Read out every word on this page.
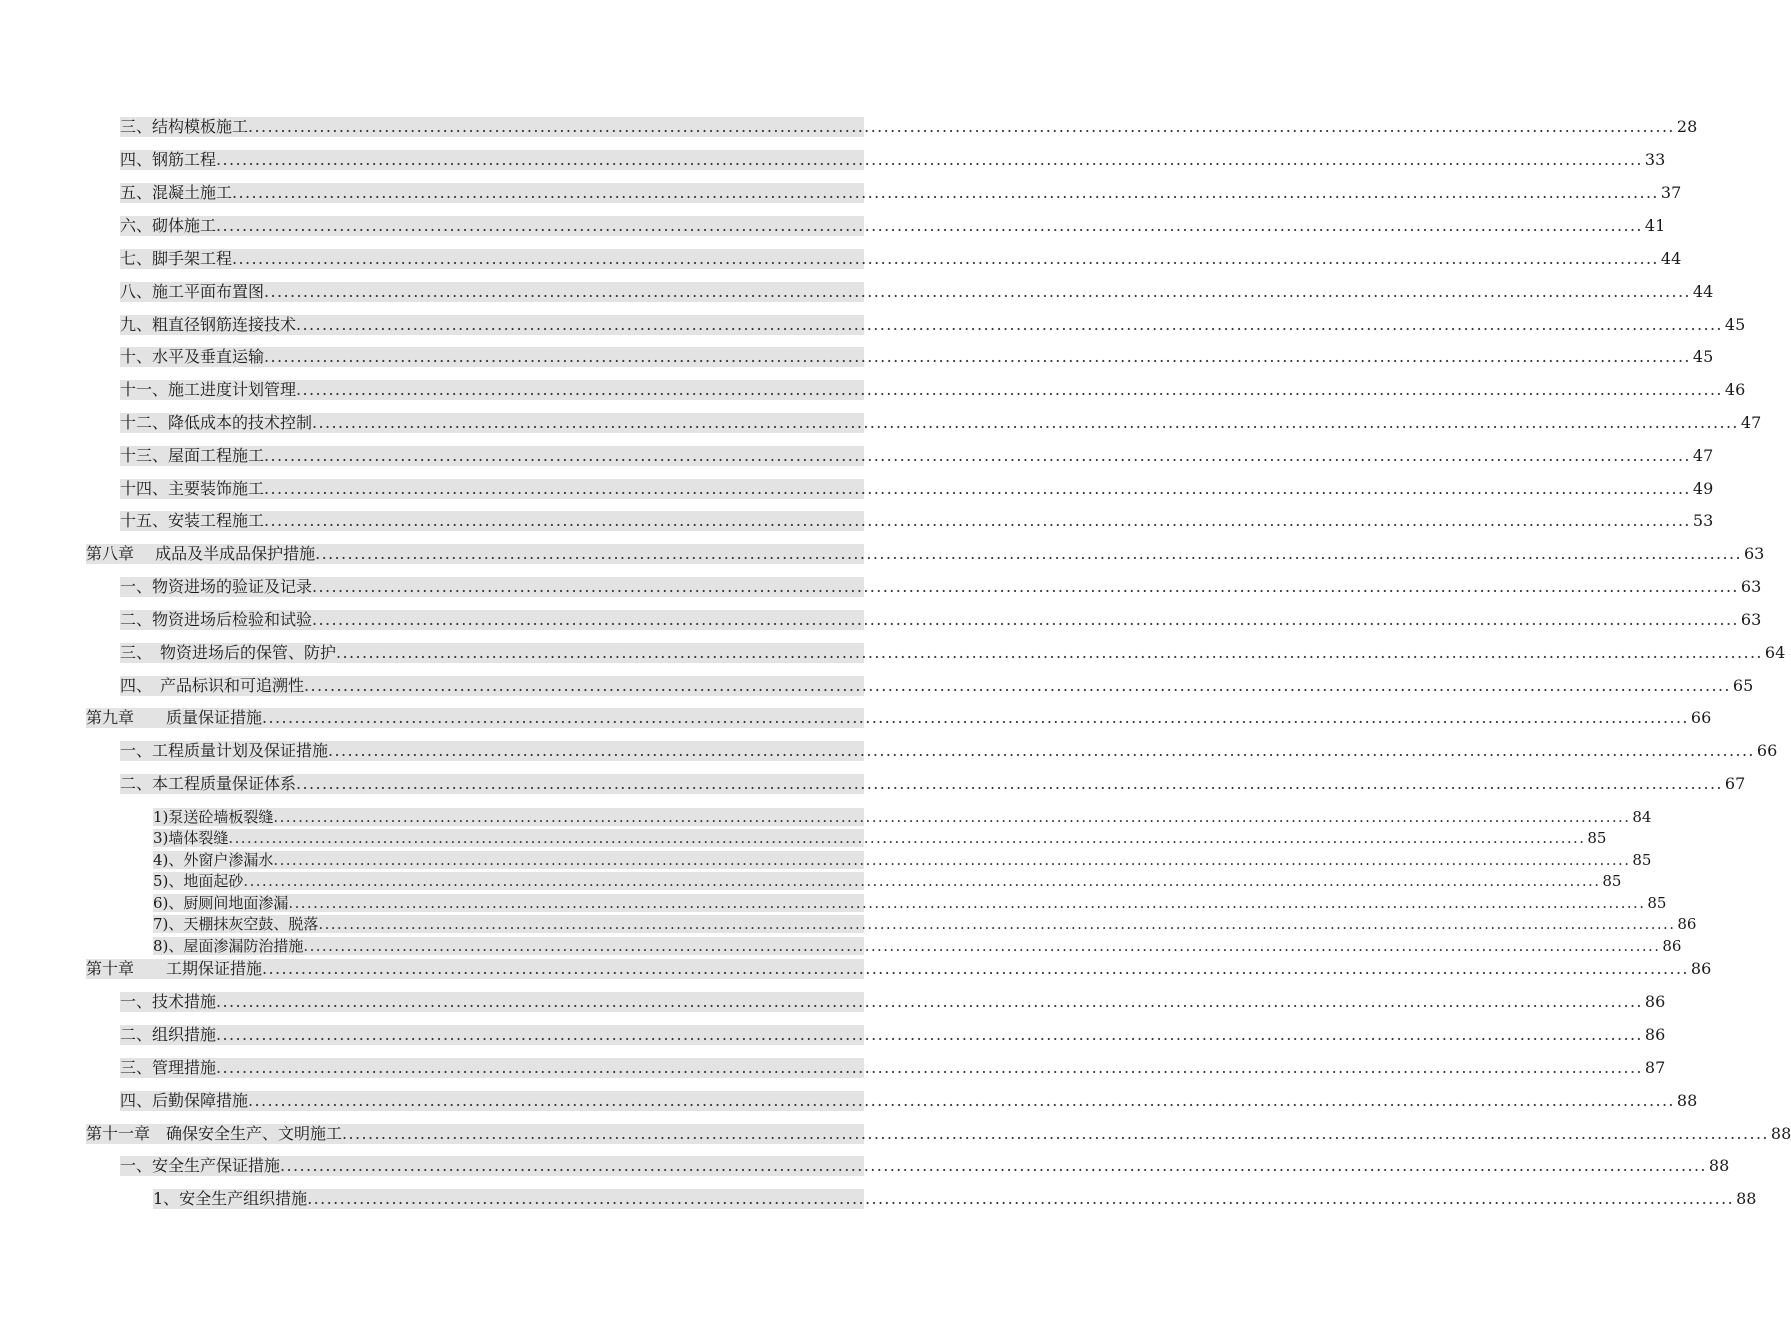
三、结构模板施工 ............................................................................................................................................................................................................................ 28
四、钢筋工程 ............................................................................................................................................................................................................................ 33
五、混凝土施工 ............................................................................................................................................................................................................................ 37
六、砌体施工 ............................................................................................................................................................................................................................ 41
七、脚手架工程 ............................................................................................................................................................................................................................ 44
八、施工平面布置图 ............................................................................................................................................................................................................................ 44
九、粗直径钢筋连接技术 ............................................................................................................................................................................................................................ 45
十、水平及垂直运输 ............................................................................................................................................................................................................................ 45
十一、施工进度计划管理 ............................................................................................................................................................................................................................ 46
十二、降低成本的技术控制 ............................................................................................................................................................................................................................ 47
十三、屋面工程施工 ............................................................................................................................................................................................................................ 47
十四、主要装饰施工 ............................................................................................................................................................................................................................ 49
十五、安装工程施工 ............................................................................................................................................................................................................................ 53
第八章　 成品及半成品保护措施 ............................................................................................................................................................................................................................ 63
一、物资进场的验证及记录 ............................................................................................................................................................................................................................ 63
二、物资进场后检验和试验 ............................................................................................................................................................................................................................ 63
三、　物资进场后的保管、防护 ............................................................................................................................................................................................................................ 64
四、　产品标识和可追溯性 ............................................................................................................................................................................................................................ 65
第九章　　质量保证措施 ............................................................................................................................................................................................................................ 66
一、工程质量计划及保证措施 ............................................................................................................................................................................................................................ 66
二、本工程质量保证体系 ............................................................................................................................................................................................................................ 67
1)泵送砼墙板裂缝 ............................................................................................................................................................................................................................ 84
3)墙体裂缝 ............................................................................................................................................................................................................................ 85
4)、外窗户渗漏水 ............................................................................................................................................................................................................................ 85
5)、地面起砂 ............................................................................................................................................................................................................................ 85
6)、厨厕间地面渗漏 ............................................................................................................................................................................................................................ 85
7)、天棚抹灰空鼓、脱落 ............................................................................................................................................................................................................................ 86
8)、屋面渗漏防治措施 ............................................................................................................................................................................................................................ 86
第十章　　工期保证措施 ............................................................................................................................................................................................................................ 86
一、技术措施 ............................................................................................................................................................................................................................ 86
二、组织措施 ............................................................................................................................................................................................................................ 86
三、管理措施 ............................................................................................................................................................................................................................ 87
四、后勤保障措施 ............................................................................................................................................................................................................................ 88
第十一章　确保安全生产、文明施工 ............................................................................................................................................................................................................................ 88
一、安全生产保证措施 ............................................................................................................................................................................................................................ 88
1、安全生产组织措施 ............................................................................................................................................................................................................................ 88
